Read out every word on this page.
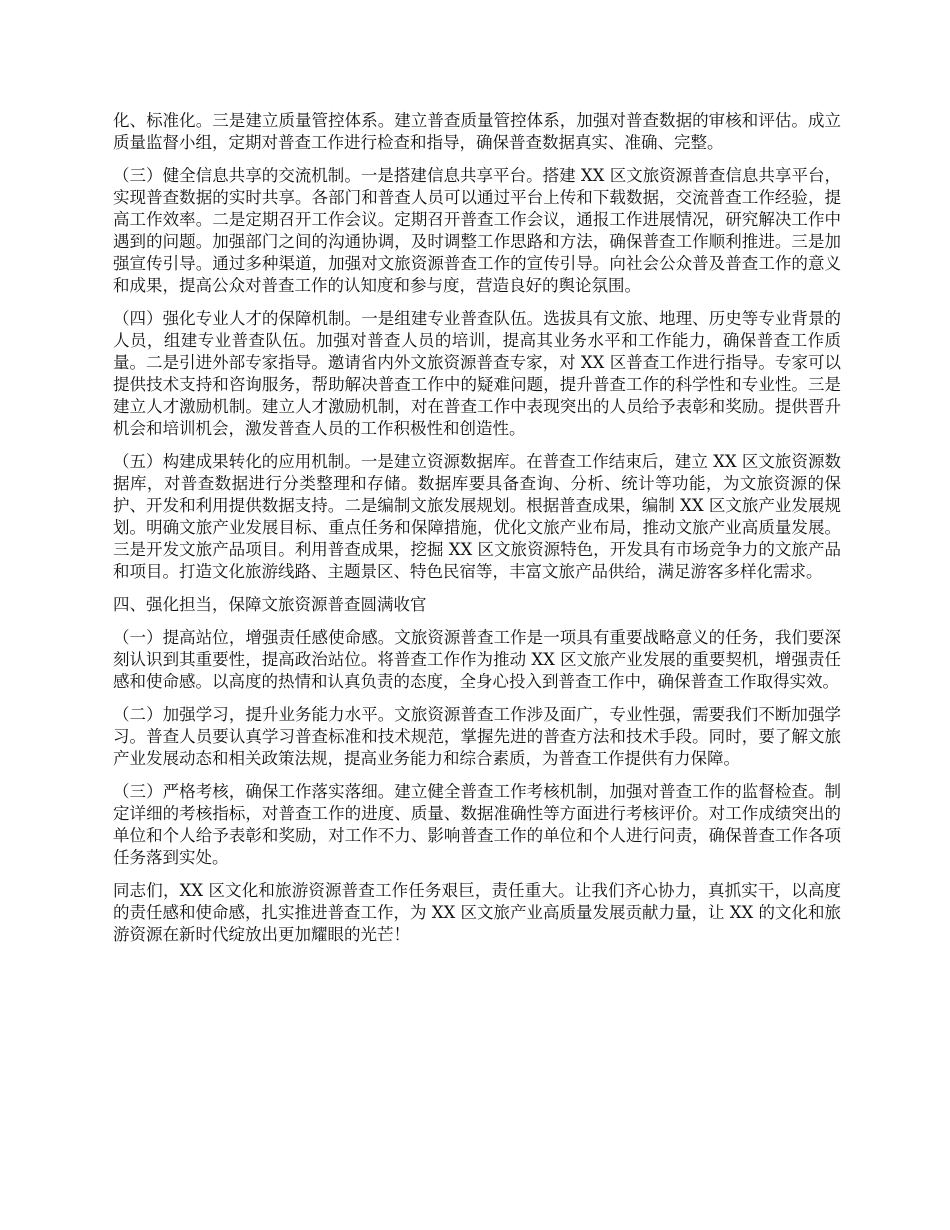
化、标准化。三是建立质量管控体系。建立普查质量管控体系，加强对普查数据的审核和评估。成立质量监督小组，定期对普查工作进行检查和指导，确保普查数据真实、准确、完整。

（三）健全信息共享的交流机制。一是搭建信息共享平台。搭建 XX 区文旅资源普查信息共享平台，实现普查数据的实时共享。各部门和普查人员可以通过平台上传和下载数据，交流普查工作经验，提高工作效率。二是定期召开工作会议。定期召开普查工作会议，通报工作进展情况，研究解决工作中遇到的问题。加强部门之间的沟通协调，及时调整工作思路和方法，确保普查工作顺利推进。三是加强宣传引导。通过多种渠道，加强对文旅资源普查工作的宣传引导。向社会公众普及普查工作的意义和成果，提高公众对普查工作的认知度和参与度，营造良好的舆论氛围。

（四）强化专业人才的保障机制。一是组建专业普查队伍。选拔具有文旅、地理、历史等专业背景的人员，组建专业普查队伍。加强对普查人员的培训，提高其业务水平和工作能力，确保普查工作质量。二是引进外部专家指导。邀请省内外文旅资源普查专家，对 XX 区普查工作进行指导。专家可以提供技术支持和咨询服务，帮助解决普查工作中的疑难问题，提升普查工作的科学性和专业性。三是建立人才激励机制。建立人才激励机制，对在普查工作中表现突出的人员给予表彰和奖励。提供晋升机会和培训机会，激发普查人员的工作积极性和创造性。

（五）构建成果转化的应用机制。一是建立资源数据库。在普查工作结束后，建立 XX 区文旅资源数据库，对普查数据进行分类整理和存储。数据库要具备查询、分析、统计等功能，为文旅资源的保护、开发和利用提供数据支持。二是编制文旅发展规划。根据普查成果，编制 XX 区文旅产业发展规划。明确文旅产业发展目标、重点任务和保障措施，优化文旅产业布局，推动文旅产业高质量发展。三是开发文旅产品项目。利用普查成果，挖掘 XX 区文旅资源特色，开发具有市场竞争力的文旅产品和项目。打造文化旅游线路、主题景区、特色民宿等，丰富文旅产品供给，满足游客多样化需求。

四、强化担当，保障文旅资源普查圆满收官

（一）提高站位，增强责任感使命感。文旅资源普查工作是一项具有重要战略意义的任务，我们要深刻认识到其重要性，提高政治站位。将普查工作作为推动 XX 区文旅产业发展的重要契机，增强责任感和使命感。以高度的热情和认真负责的态度，全身心投入到普查工作中，确保普查工作取得实效。

（二）加强学习，提升业务能力水平。文旅资源普查工作涉及面广，专业性强，需要我们不断加强学习。普查人员要认真学习普查标准和技术规范，掌握先进的普查方法和技术手段。同时，要了解文旅产业发展动态和相关政策法规，提高业务能力和综合素质，为普查工作提供有力保障。

（三）严格考核，确保工作落实落细。建立健全普查工作考核机制，加强对普查工作的监督检查。制定详细的考核指标，对普查工作的进度、质量、数据准确性等方面进行考核评价。对工作成绩突出的单位和个人给予表彰和奖励，对工作不力、影响普查工作的单位和个人进行问责，确保普查工作各项任务落到实处。

同志们，XX 区文化和旅游资源普查工作任务艰巨，责任重大。让我们齐心协力，真抓实干，以高度的责任感和使命感，扎实推进普查工作，为 XX 区文旅产业高质量发展贡献力量，让 XX 的文化和旅游资源在新时代绽放出更加耀眼的光芒！
